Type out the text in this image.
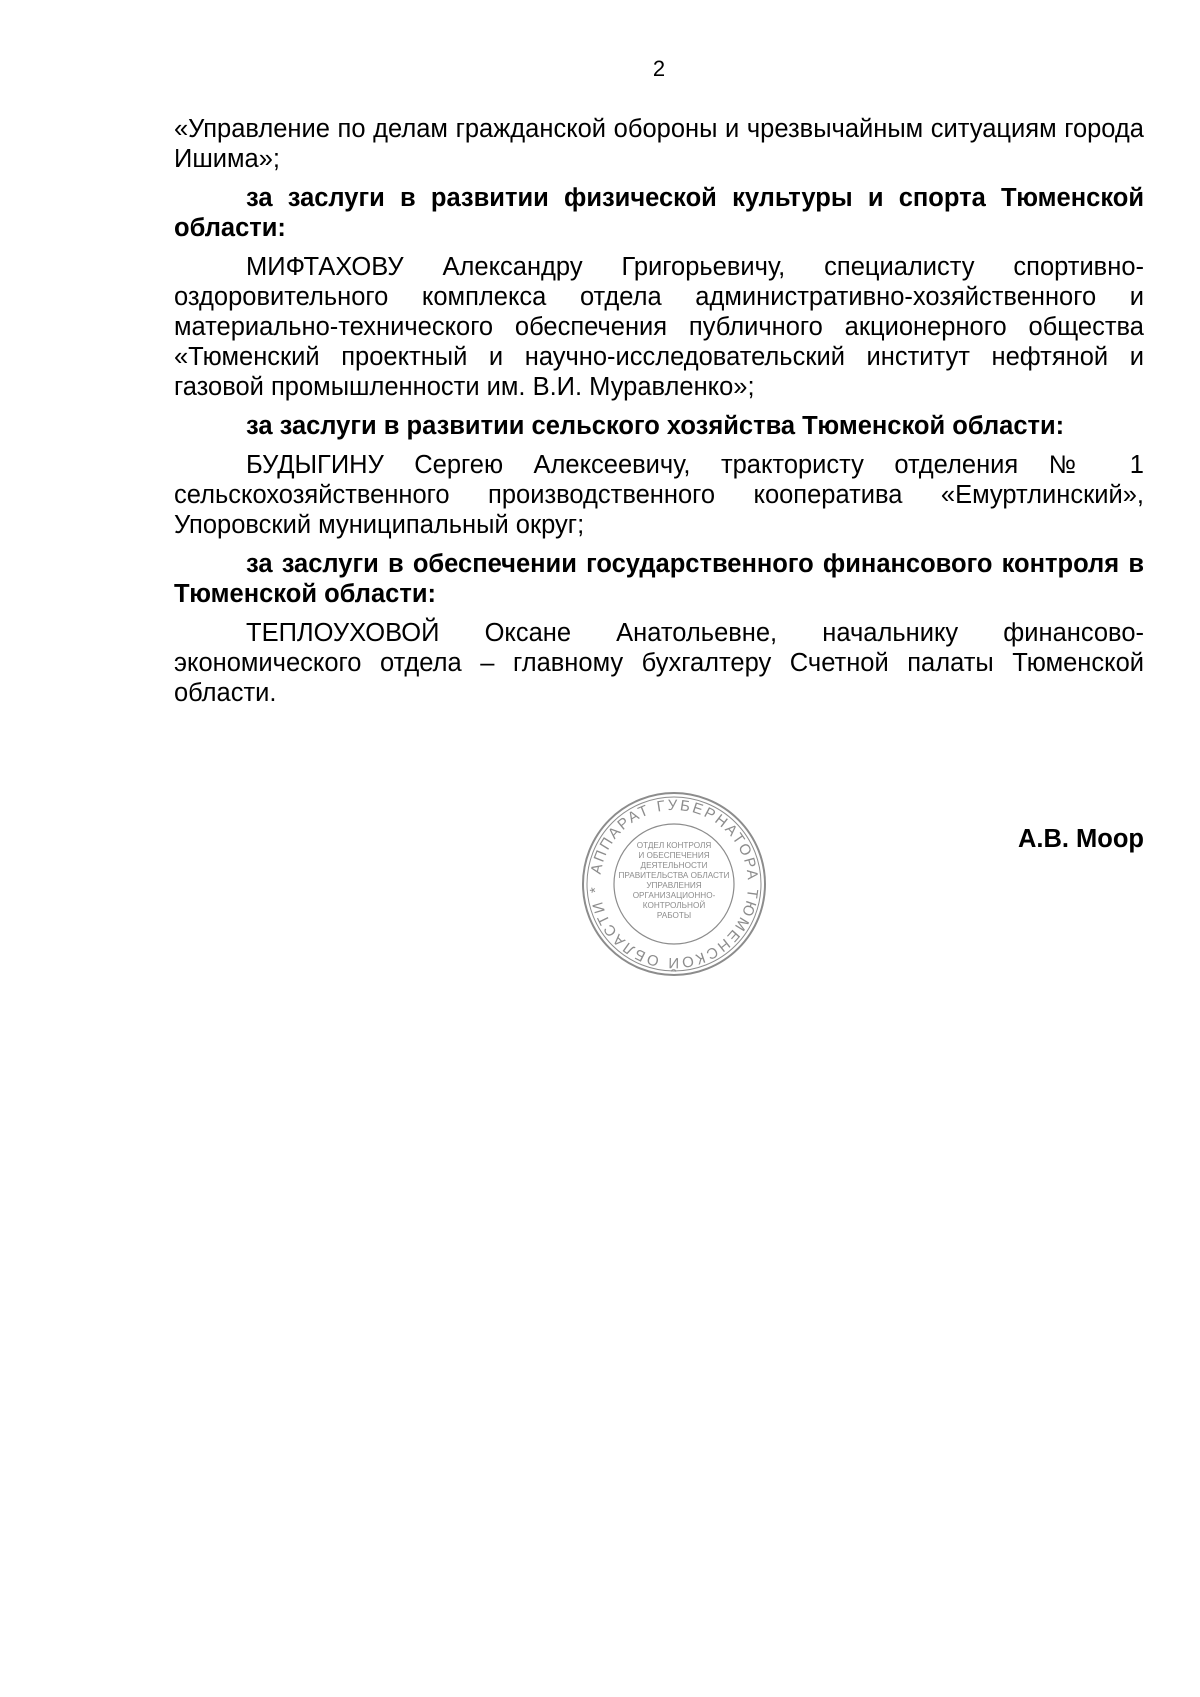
2

«Управление по делам гражданской обороны и чрезвычайным ситуациям города Ишима»;

за заслуги в развитии физической культуры и спорта Тюменской области:

МИФТАХОВУ Александру Григорьевичу, специалисту спортивно-оздоровительного комплекса отдела административно-хозяйственного и материально-технического обеспечения публичного акционерного общества «Тюменский проектный и научно-исследовательский институт нефтяной и газовой промышленности им. В.И. Муравленко»;

за заслуги в развитии сельского хозяйства Тюменской области:

БУДЫГИНУ Сергею Алексеевичу, трактористу отделения № 1 сельскохозяйственного производственного кооператива «Емуртлинский», Упоровский муниципальный округ;

за заслуги в обеспечении государственного финансового контроля в Тюменской области:

ТЕПЛОУХОВОЙ Оксане Анатольевне, начальнику финансово-экономического отдела – главному бухгалтеру Счетной палаты Тюменской области.

АППАРАТ ГУБЕРНАТОРА ТЮМЕНСКОЙ ОБЛАСТИ *
ОТДЕЛ КОНТРОЛЯ
И ОБЕСПЕЧЕНИЯ
ДЕЯТЕЛЬНОСТИ
ПРАВИТЕЛЬСТВА ОБЛАСТИ
УПРАВЛЕНИЯ
ОРГАНИЗАЦИОННО-
КОНТРОЛЬНОЙ
РАБОТЫ
А.В. Моор
